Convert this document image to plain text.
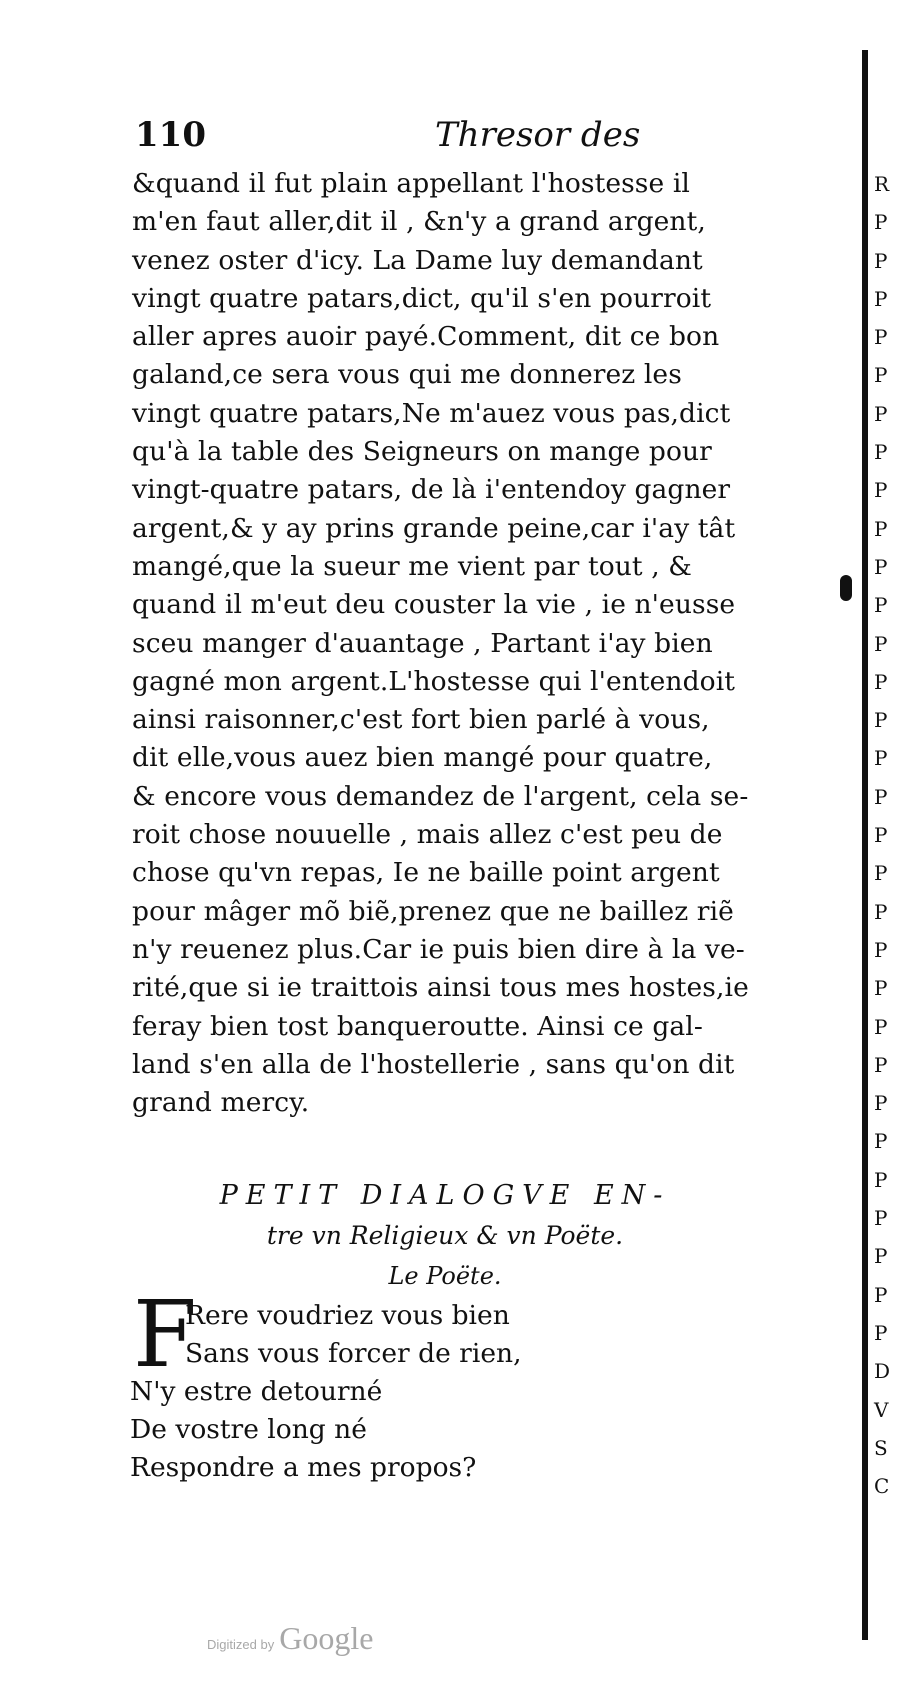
110	Thresor des
&quand il fut plain appellant l'hostesse il
m'en faut aller,dit il , &n'y a grand argent,
venez oster d'icy. La Dame luy demandant
vingt quatre patars,dict, qu'il s'en pourroit
aller apres auoir payé.Comment, dit ce bon
galand,ce sera vous qui me donnerez les
vingt quatre patars,Ne m'auez vous pas,dict
qu'à la table des Seigneurs on mange pour
vingt-quatre patars, de là i'entendoy gagner
argent,& y ay prins grande peine,car i'ay tât
mangé,que la sueur me vient par tout , &
quand il m'eut deu couster la vie , ie n'eusse
sceu manger d'auantage , Partant i'ay bien
gagné mon argent.L'hostesse qui l'entendoit
ainsi raisonner,c'est fort bien parlé à vous,
dit elle,vous auez bien mangé pour quatre,
& encore vous demandez de l'argent, cela se-
roit chose nouuelle , mais allez c'est peu de
chose qu'vn repas, Ie ne baille point argent
pour mâger mõ biẽ,prenez que ne baillez riẽ
n'y reuenez plus.Car ie puis bien dire à la ve-
rité,que si ie traittois ainsi tous mes hostes,ie
feray bien tost banqueroutte. Ainsi ce gal-
land s'en alla de l'hostellerie , sans qu'on dit
grand mercy.
PETIT DIALOGVE EN-
tre vn Religieux & vn Poëte.
Le Poëte.
F
Rere voudriez vous bien
Sans vous forcer de rien,
N'y estre detourné
De vostre long né
Respondre a mes propos?
R
P
P
P
P
P
P
P
P
P
P
P
P
P
P
P
P
P
P
P
P
P
P
P
P
P
P
P
P
P
P
D
V
S
C
Digitized by Google
